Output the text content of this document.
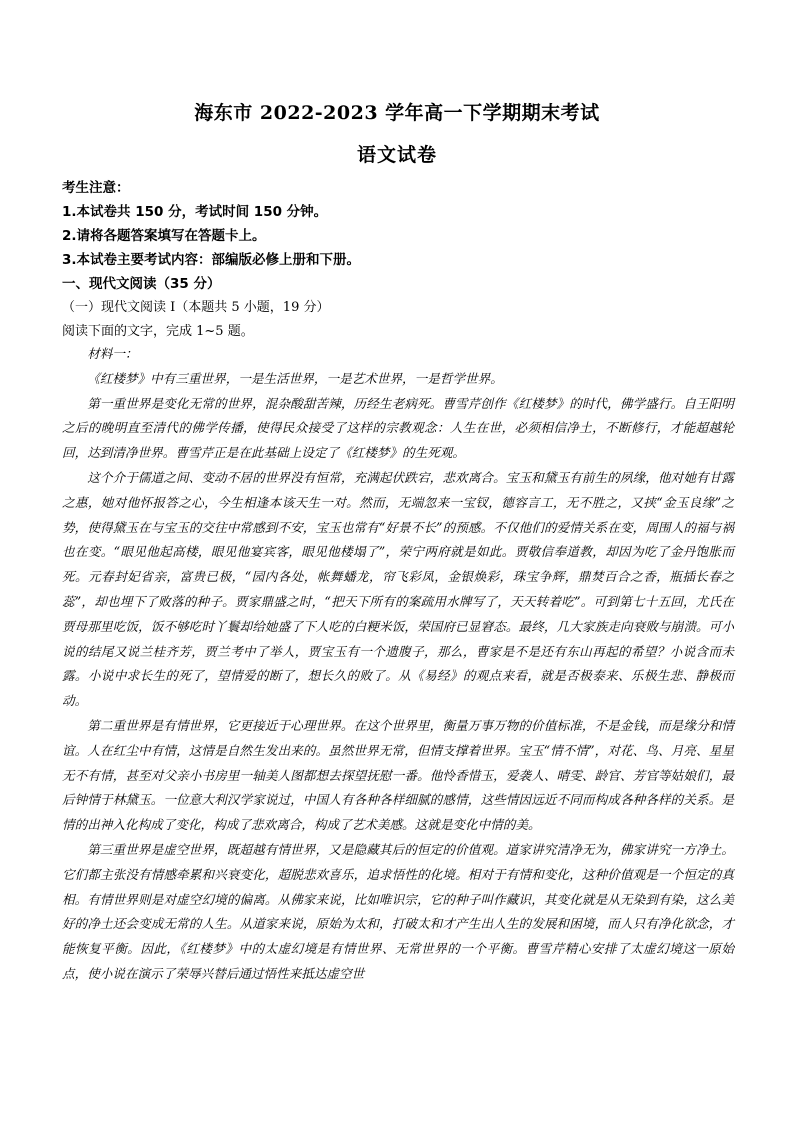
海东市 2022-2023 学年高一下学期期末考试
语文试卷
考生注意：
1.本试卷共 150 分，考试时间 150 分钟。
2.请将各题答案填写在答题卡上。
3.本试卷主要考试内容：部编版必修上册和下册。
一、现代文阅读（35 分）
（一）现代文阅读 I（本题共 5 小题，19 分）
阅读下面的文字，完成 1~5 题。

材料一：

《红楼梦》中有三重世界，一是生活世界，一是艺术世界，一是哲学世界。

第一重世界是变化无常的世界，混杂酸甜苦辣，历经生老病死。曹雪芹创作《红楼梦》的时代，佛学盛行。自王阳明之后的晚明直至清代的佛学传播，使得民众接受了这样的宗教观念：人生在世，必须相信净土，不断修行，才能超越轮回，达到清净世界。曹雪芹正是在此基础上设定了《红楼梦》的生死观。

这个介于儒道之间、变动不居的世界没有恒常，充满起伏跌宕，悲欢离合。宝玉和黛玉有前生的夙缘，他对她有甘露之惠，她对他怀报答之心，今生相逢本该天生一对。然而，无端忽来一宝钗，德容言工，无不胜之，又挟“金玉良缘”之势，使得黛玉在与宝玉的交往中常感到不安，宝玉也常有“好景不长”的预感。不仅他们的爱情关系在变，周围人的福与祸也在变。“眼见他起高楼，眼见他宴宾客，眼见他楼塌了”，荣宁两府就是如此。贾敬信奉道教，却因为吃了金丹饱胀而死。元春封妃省亲，富贵已极，“园内各处，帐舞蟠龙，帘飞彩凤，金银焕彩，珠宝争辉，鼎焚百合之香，瓶插长春之蕊”，却也埋下了败落的种子。贾家鼎盛之时，“把天下所有的案疏用水牌写了，天天转着吃”。可到第七十五回，尤氏在贾母那里吃饭，饭不够吃时丫鬟却给她盛了下人吃的白粳米饭，荣国府已显窘态。最终，几大家族走向衰败与崩溃。可小说的结尾又说兰桂齐芳，贾兰考中了举人，贾宝玉有一个遗腹子，那么，曹家是不是还有东山再起的希望？小说含而未露。小说中求长生的死了，望情爱的断了，想长久的败了。从《易经》的观点来看，就是否极泰来、乐极生悲、静极而动。

第二重世界是有情世界，它更接近于心理世界。在这个世界里，衡量万事万物的价值标准，不是金钱，而是缘分和情谊。人在红尘中有情，这情是自然生发出来的。虽然世界无常，但情支撑着世界。宝玉“情不情”，对花、鸟、月亮、星星无不有情，甚至对父亲小书房里一轴美人图都想去探望抚慰一番。他怜香惜玉，爱袭人、晴雯、龄官、芳官等姑娘们，最后钟情于林黛玉。一位意大利汉学家说过，中国人有各种各样细腻的感情，这些情因远近不同而构成各种各样的关系。是情的出神入化构成了变化，构成了悲欢离合，构成了艺术美感。这就是变化中情的美。

第三重世界是虚空世界，既超越有情世界，又是隐藏其后的恒定的价值观。道家讲究清净无为，佛家讲究一方净土。它们都主张没有情感牵累和兴衰变化，超脱悲欢喜乐，追求悟性的化境。相对于有情和变化，这种价值观是一个恒定的真相。有情世界则是对虚空幻境的偏离。从佛家来说，比如唯识宗，它的种子叫作藏识，其变化就是从无染到有染，这么美好的净土还会变成无常的人生。从道家来说，原始为太和，打破太和才产生出人生的发展和困境，而人只有净化欲念，才能恢复平衡。因此，《红楼梦》中的太虚幻境是有情世界、无常世界的一个平衡。曹雪芹精心安排了太虚幻境这一原始点，使小说在演示了荣辱兴替后通过悟性来抵达虚空世
